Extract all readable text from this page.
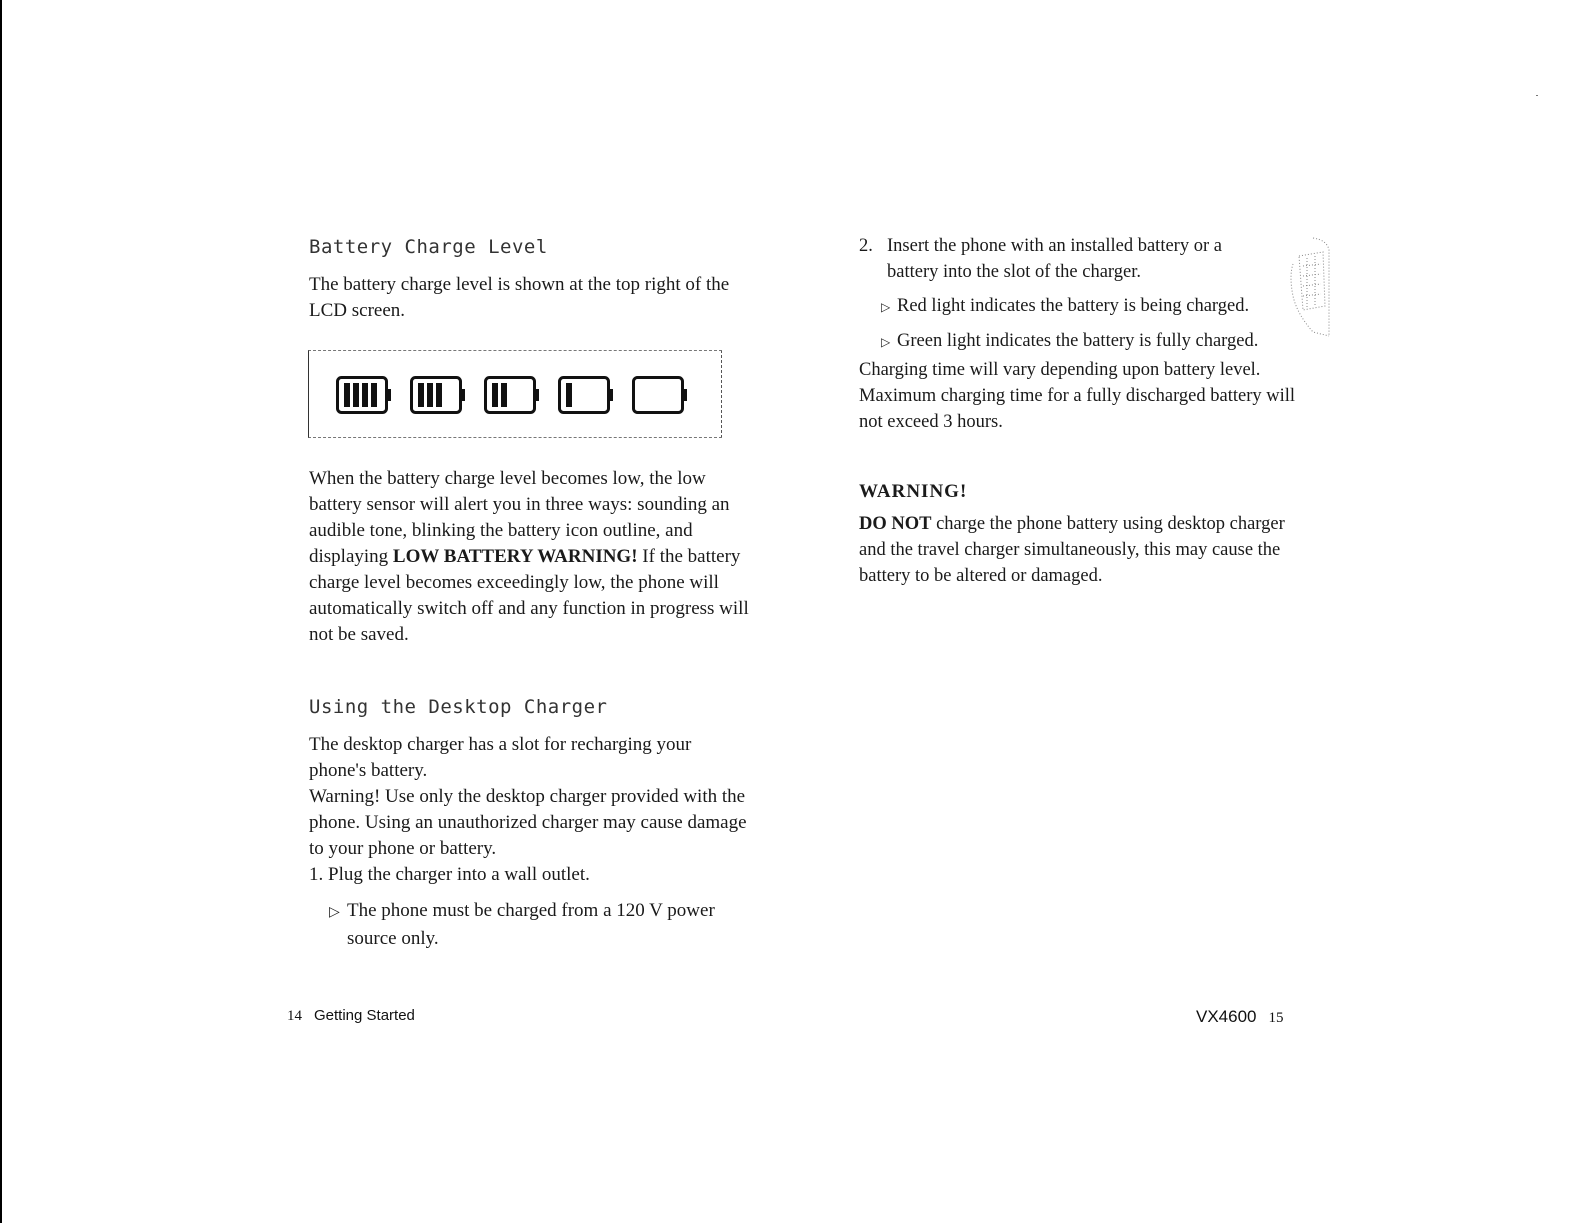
Battery Charge Level

The battery charge level is shown at the top right of the LCD screen.

When the battery charge level becomes low, the low battery sensor will alert you in three ways: sounding an audible tone, blinking the battery icon outline, and displaying LOW BATTERY WARNING! If the battery charge level becomes exceedingly low, the phone will automatically switch off and any function in progress will not be saved.

Using the Desktop Charger

The desktop charger has a slot for recharging your phone's battery.

Warning! Use only the desktop charger provided with the phone. Using an unauthorized charger may cause damage to your phone or battery.

1. Plug the charger into a wall outlet.
▷ The phone must be charged from a 120 V power
source only.
2. Insert the phone with an installed battery or a
battery into the slot of the charger.
▷ Red light indicates the battery is being charged.
▷ Green light indicates the battery is fully charged.

Charging time will vary depending upon battery level. Maximum charging time for a fully discharged battery will not exceed 3 hours.

WARNING!

DO NOT charge the phone battery using desktop charger and the travel charger simultaneously, this may cause the battery to be altered or damaged.

14 Getting Started	VX4600 15
